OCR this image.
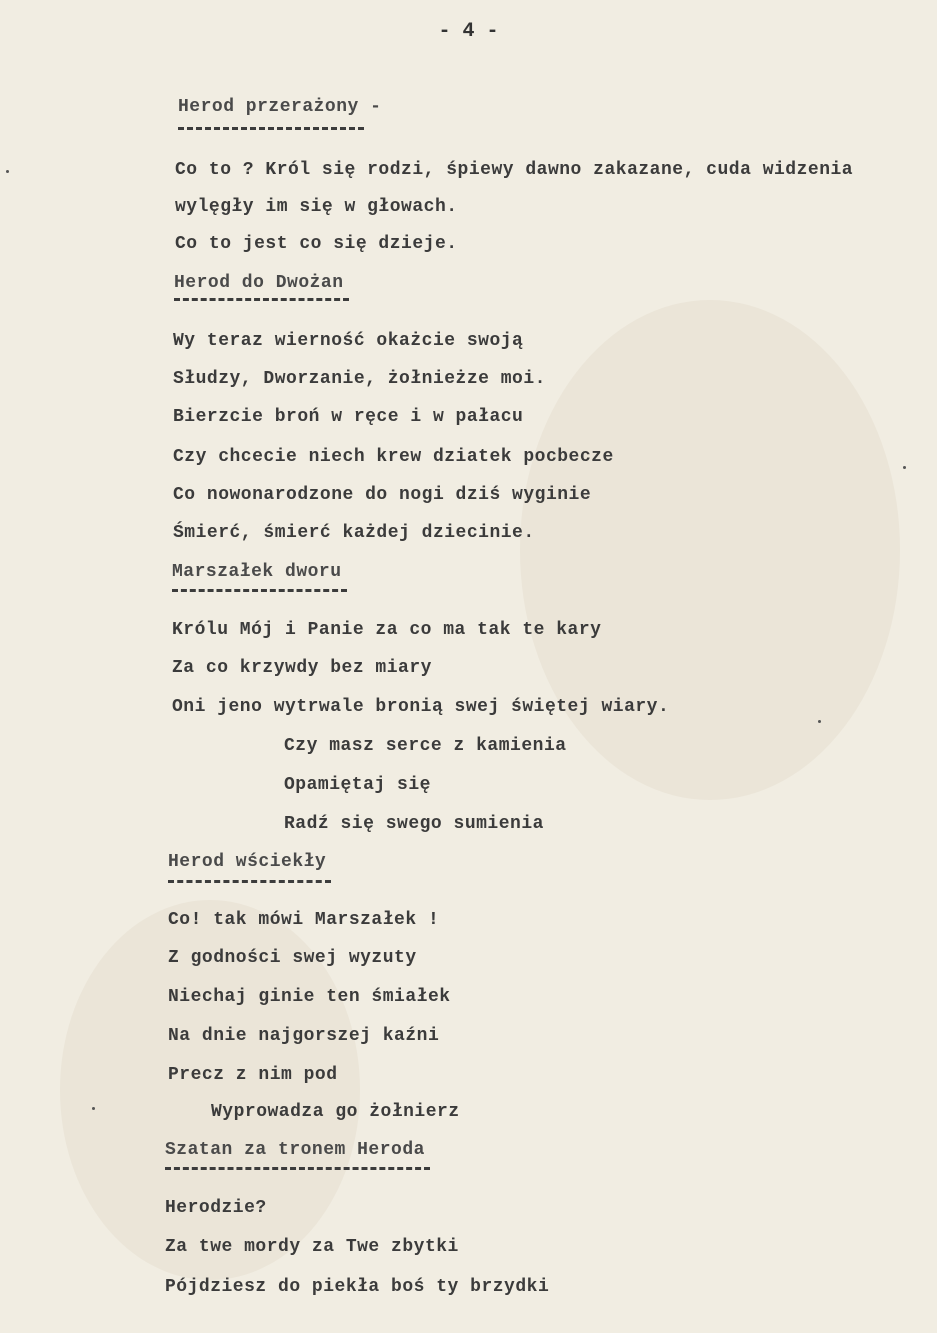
- 4 -
Herod przerażony -
Co to ? Król się rodzi, śpiewy dawno zakazane, cuda widzenia
wylęgły im się w głowach.
Co to jest co się dzieje.
Herod do Dwożan
Wy teraz wierność okażcie swoją
Słudzy, Dworzanie, żołnieżze moi.
Bierzcie broń w ręce i w pałacu
Czy chcecie niech krew dziatek pocbecze
Co nowonarodzone do nogi dziś wyginie
Śmierć, śmierć każdej dziecinie.
Marszałek dworu
Królu Mój i Panie za co ma tak te kary
Za co krzywdy bez miary
Oni jeno wytrwale bronią swej świętej wiary.
Czy masz serce z kamienia
Opamiętaj się
Radź się swego sumienia
Herod wściekły
Co! tak mówi Marszałek !
Z godności swej wyzuty
Niechaj ginie ten śmiałek
Na dnie najgorszej kaźni
Precz z nim pod
Wyprowadza go żołnierz
Szatan za tronem Heroda
Herodzie?
Za twe mordy za Twe zbytki
Pójdziesz do piekła boś ty brzydki
